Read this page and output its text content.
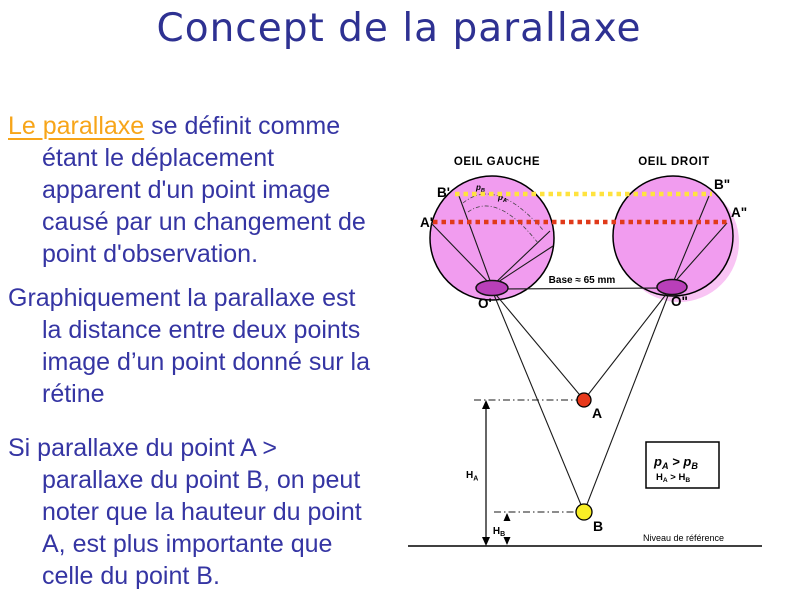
Concept de la parallaxe
Le parallaxe se définit comme
étant le déplacement
apparent d'un point image
causé par un changement de
point d'observation.
Graphiquement la parallaxe est
la distance entre deux points
image d’un point donné sur la
rétine
Si parallaxe du point A >
parallaxe du point B, on peut
noter que la hauteur du point
A, est plus importante que
celle du point B.
OEIL GAUCHE	OEIL DROIT
$p_B$
$p_A$
Base ≈ 65 mm
B'
A'
B"
A"
O'	O"
$H_A$
$H_B$
A
B
$p_A > p_B$
$H_A > H_B$
Niveau de référence
